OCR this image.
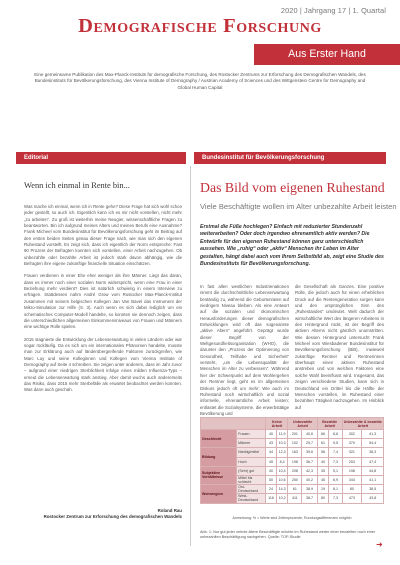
2020 | Jahrgang 17 | 1. Quartal
Demografische Forschung
Aus Erster Hand
Eine gemeinsame Publikation des Max-Planck-Instituts für demografische Forschung, des Rostocker Zentrums zur Erforschung des Demografischen Wandels, des Bundesinstituts für Bevölkerungsforschung, des Vienna Institute of Demography / Austrian Academy of Sciences und des Wittgenstein Centre for Demography and Global Human Capital
Editorial	Bundesinstitut für Bevölkerungsforschung
Wenn ich einmal in Rente bin...

Was mache ich einmal, wenn ich in Rente gehe? Diese Frage hat sich wohl schon jeder gestellt, so auch ich. Eigentlich kann ich es mir nicht vorstellen, nicht mehr „zu arbeiten“. Zu groß ist weiterhin meine Neugier, wissenschaftliche Fragen zu beantworten. Bin ich aufgrund meines Alters und meines Berufs eine Ausnahme? Frank Micheel vom Bundesinstitut für Bevölkerungsforschung geht im Beitrag auf den ersten beiden Seiten genau dieser Frage nach, wie man sich den eigenen Ruhestand vorstellt. Es zeigt sich, dass ich eigentlich der Norm entspreche: Fast 90 Prozent der Befragten konnten sich vorstellen, einer Arbeit nachzugehen. Ob unbezahlte oder bezahlte Arbeit ist jedoch stark davon abhängig, wie die Befragten ihre eigene zukünftige finanzielle Situation einschätzen.

Frauen verdienen in einer Ehe eher weniger als ihre Männer. Liegt das daran, dass es immer noch einer sozialen Norm widerspricht, wenn eine Frau in einer Beziehung mehr verdient? Dies ist natürlich schwierig in einem Interview zu erfragen. Stattdessen nahm André Grow vom Rostocker Max-Planck-Institut zusammen mit seinem belgischen Kollegen Jan Van Bavel das Instrument der Mikro-Simulation zur Hilfe (S. 3). Auch wenn es sich dabei lediglich um ein schematisches Computer-Modell handelte, so konnten sie dennoch zeigen, dass die unterschiedlichen allgemeinen Einkommensniveaus von Frauen und Männern eine wichtige Rolle spielen.

2015 stagnierte die Entwicklung der Lebenserwartung in vielen Ländern oder war sogar rückläufig. Da es sich um ein internationales Phänomen handelte, musste man zur Erklärung auch auf länderübergreifende Faktoren zurückgreifen, wie Marc Luy und seine Kolleginnen und Kollegen vom Vienna Institute of Demography auf Seite 4 schreiben. Sie zeigen unter anderem, dass im Jahr zuvor – aufgrund einer niedrigen Sterblichkeit infolge eines milden Influenza-Typs – erneut die Lebenserwartung stark anstieg. Aber damit wuchs auch andererseits das Risiko, dass 2015 mehr Sterbefälle als erwartet beobachtet werden konnten. Was dann auch geschah.

Roland Rau
Rostocker Zentrum zur Erforschung des demografischen Wandels
Das Bild vom eigenen Ruhestand
Viele Beschäftigte wollen im Alter unbezahlte Arbeit leisten
Erstmal die Füße hochlegen? Einfach mit reduzierter Stundenzahl weiterarbeiten? Oder doch irgendwo ehrenamtlich aktiv werden? Die Entwürfe für den eigenen Ruhestand können ganz unterschiedlich aussehen. Wie „ruhig“ oder „aktiv“ Menschen ihr Leben im Alter gestalten, hängt dabei auch vom Ihrem Selbstbild ab, zeigt eine Studie des Bundesinstituts für Bevölkerungsforschung.
In fast allen westlichen Industrienationen nimmt die durchschnittliche Lebenserwartung beständig zu, während die Geburtenraten auf niedrigem Niveau bleiben. Als eine Antwort auf die sozialen und ökonomischen Herausforderungen dieser demografischen Entwicklungen wird oft das sogenannte „aktive Altern“ angeführt. Geprägt wurde dieser Begriff von der Weltgesundheitsorganisation (WHO), die darunter den „Prozess der Optimierung von Gesundheit, Teilhabe und Sicherheit“ versteht, „um die Lebensqualität der Menschen im Alter zu verbessern“. Während hier der Schwerpunkt auf dem Wohlergehen der Rentner liegt, geht es im allgemeinen Diskurs jedoch oft um mehr: Wie auch im Ruhestand noch wirtschaftlich und sozial informelle, ehrenamtliche Arbeit leisten; entlastet die Sozialsysteme, die erwerbstätige Bevölkerung und
die Gesellschaft als Ganzes. Eine positive Rolle, die jedoch auch für einen erheblichen Druck auf die Rentengeneration sorgen kann und den ursprünglichen Sinn des „Ruhestandes“ umdeutet. Welt dadurch der wirtschaftliche Wert des längeren Arbeitens in den Hintergrund rückt, ist der Begriff des aktiven Alterns nicht gänzlich unumstritten. Wie dessen Hintergrund untersucht Frank Micheel vom Wiesbadener Bundesinstitut für Bevölkerungsforschung (BiB), inwieweit zukünftige Rentner und Rentnerinnen überhaupt einen aktiven Ruhestand anstreben und von welchen Faktoren eine solche Wahl beeinflusst wird. Insgesamt, das zeigen verschiedene Studien, kann sich in Deutschland ein Drittel bis die Hälfte der Menschen vorstellen, im Ruhestand einer bezahlten Tätigkeit nachzugehen. Im Hinblick auf
		Keine Arbeit		Unbezahlte Arbeit		Bezahlte Arbeit		Unbezahlte & bezahlte Arbeit	
Geschlecht	Frauen	40	11,9	201	40,6	66	8,6	302	41,3
	Männer	43	10,3	102	25,7	61	9,5	370	54,4
Bildung	Niedrig/mittel	44	12,3	163	39,6	58	7,4	321	38,3
	Hoch	45	8,4	198	36,7	40	7,3	253	47,4
Subjektive Verhältnisse	(Sehr) gut	40	10,4	208	42,3	35	5,1	198	44,8
	Mittel bis schlecht	50	10,6	250	40,2	45	6,9	344	41,1
Wohnregion	Ost-Deutschland	24	14,3	61	38,9	19	8,1	80	38,5
	West-Deutschland	116	10,2	411	38,7	80	7,3	473	43,8
Anmerkung: % = Werte sind Zeilenprozente, Rundungsdifferenzen möglich
Abb. 1: Nur gut jeder zehnte ältere Beschäftigte möchte im Ruhestand weder einer bezahlten noch einer unbezahlten Beschäftigung nachgehen. Quelle: TOP-Studie
➜
